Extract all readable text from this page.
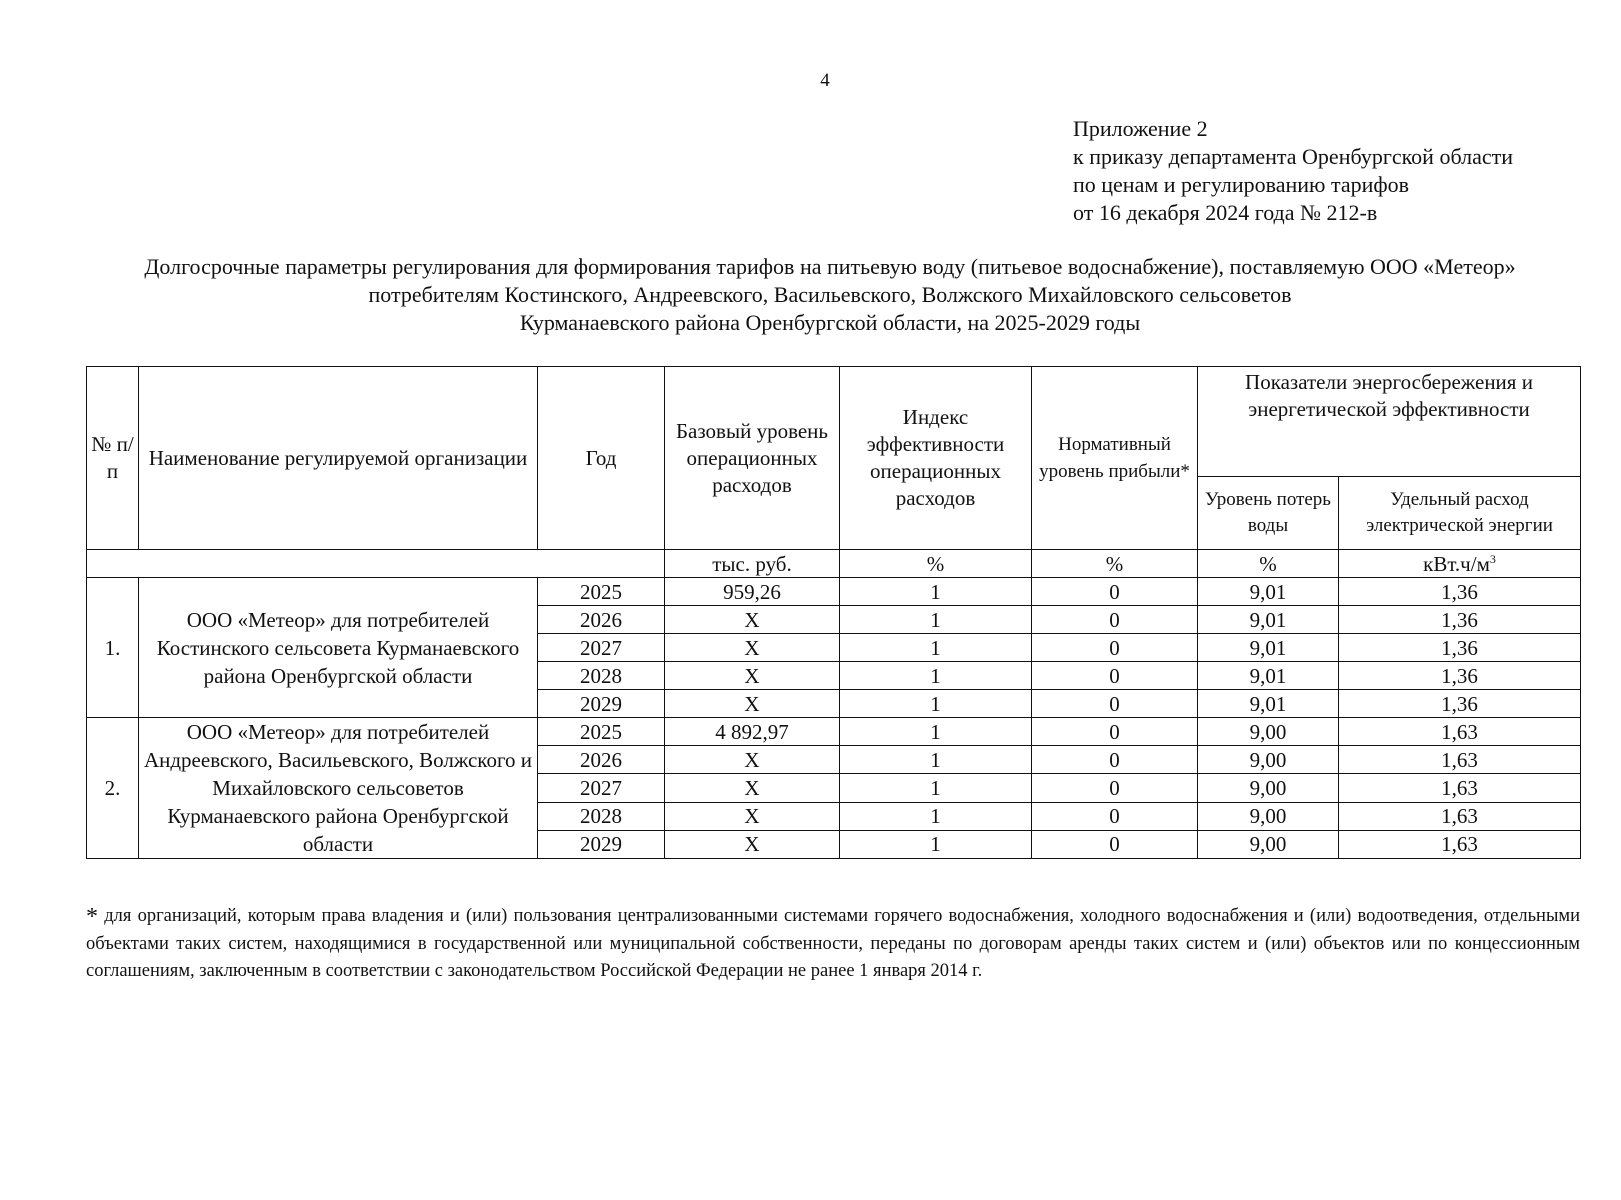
4
Приложение 2
к приказу департамента Оренбургской области
по ценам и регулированию тарифов
от 16 декабря 2024 года № 212-в
Долгосрочные параметры регулирования для формирования тарифов на питьевую воду (питьевое водоснабжение), поставляемую ООО «Метеор»
потребителям Костинского, Андреевского, Васильевского, Волжского Михайловского сельсоветов
Курманаевского района Оренбургской области, на 2025-2029 годы
№ п/п	Наименование регулируемой организации	Год	Базовый уровень операционных расходов	Индекс эффективности операционных расходов	Нормативный уровень прибыли*	Показатели энергосбережения и энергетической эффективности	
						Уровень потерь воды	Удельный расход электрической энергии
			тыс. руб.	%	%	%	$кВт.ч/м^3$
1.	ООО «Метеор» для потребителей Костинского сельсовета Курманаевского района Оренбургской области	2025	959,26	1	0	9,01	1,36
		2026	Х	1	0	9,01	1,36
		2027	Х	1	0	9,01	1,36
		2028	Х	1	0	9,01	1,36
		2029	Х	1	0	9,01	1,36
2.	ООО «Метеор» для потребителей Андреевского, Васильевского, Волжского и Михайловского сельсоветов Курманаевского района Оренбургской области	2025	4 892,97	1	0	9,00	1,63
		2026	Х	1	0	9,00	1,63
		2027	Х	1	0	9,00	1,63
		2028	Х	1	0	9,00	1,63
		2029	Х	1	0	9,00	1,63
* для организаций, которым права владения и (или) пользования централизованными системами горячего водоснабжения, холодного водоснабжения и (или) водоотведения, отдельными объектами таких систем, находящимися в государственной или муниципальной собственности, переданы по договорам аренды таких систем и (или) объектов или по концессионным соглашениям, заключенным в соответствии с законодательством Российской Федерации не ранее 1 января 2014 г.
